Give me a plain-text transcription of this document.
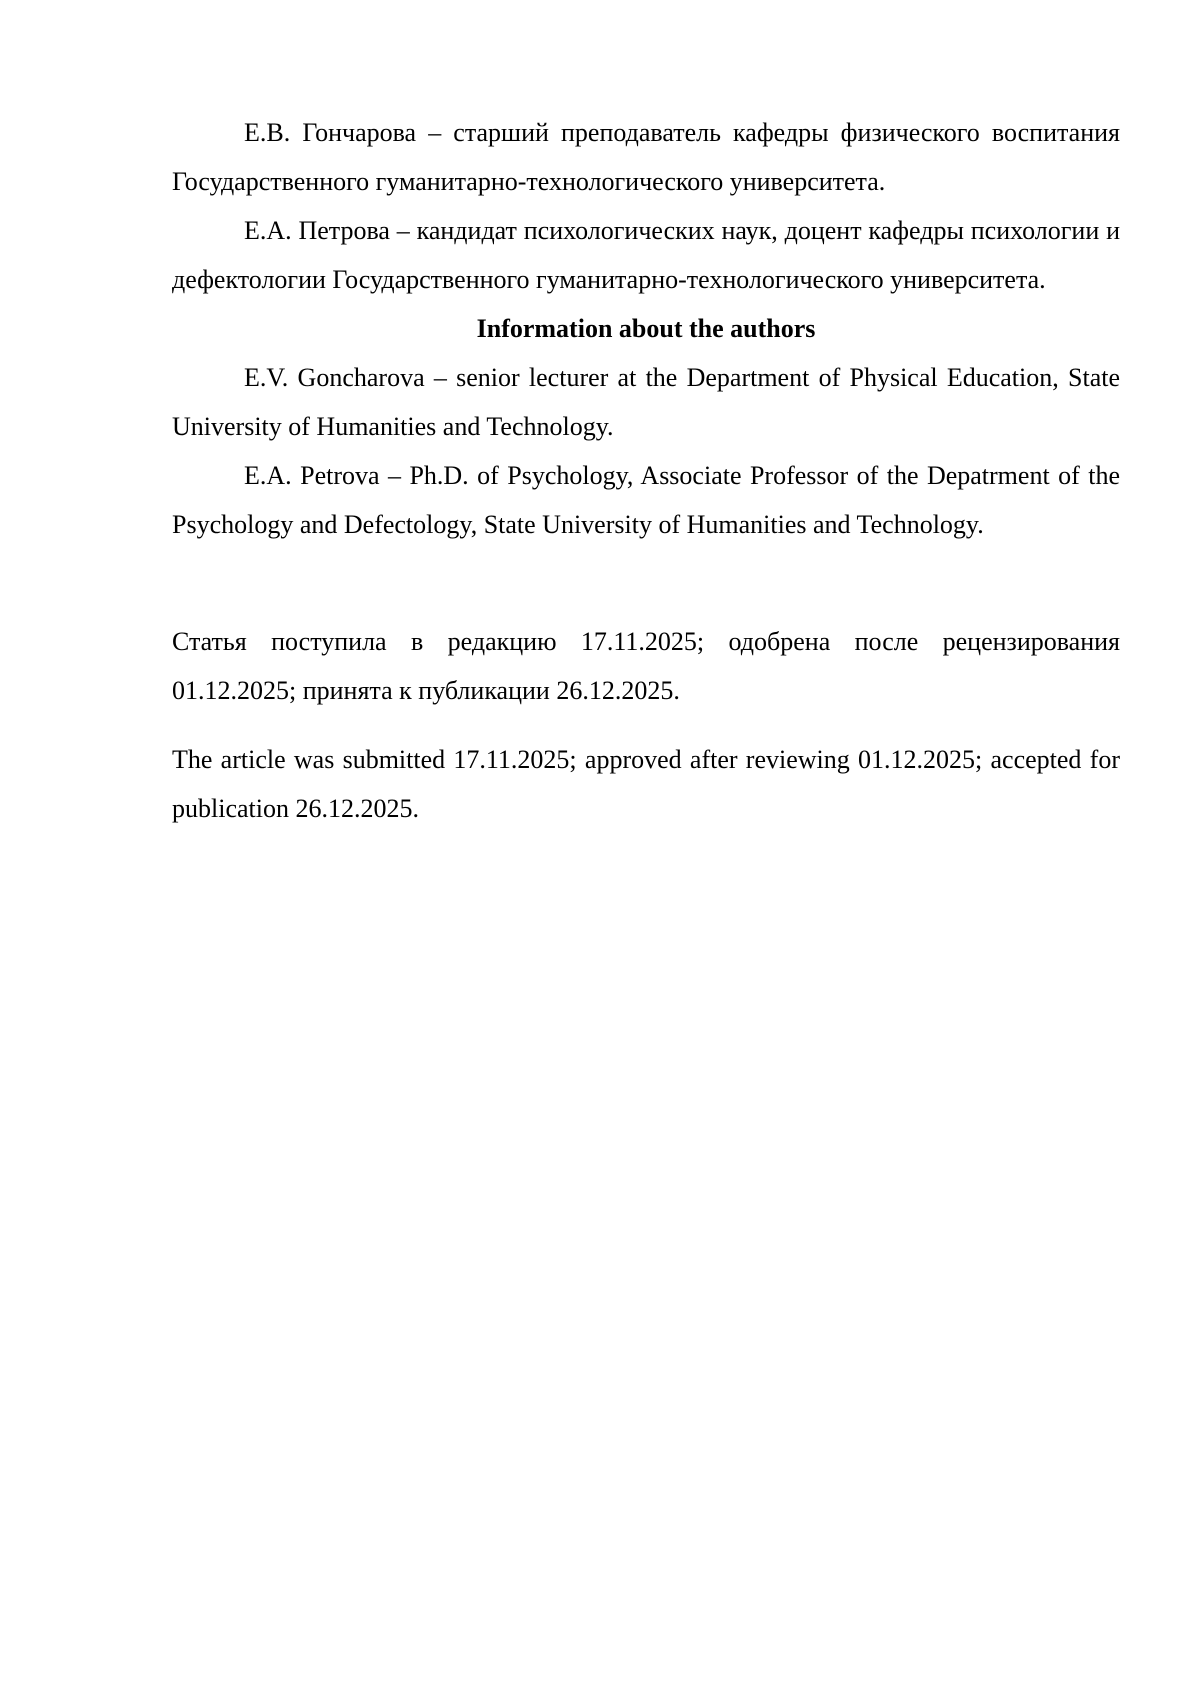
Е.В. Гончарова – старший преподаватель кафедры физического воспитания Государственного гуманитарно-технологического университета.

Е.А. Петрова – кандидат психологических наук, доцент кафедры психологии и дефектологии Государственного гуманитарно-технологического университета.

Information about the authors

E.V. Goncharova – senior lecturer at the Department of Physical Education, State University of Humanities and Technology.

E.A. Petrova – Ph.D. of Psychology, Associate Professor of the Depatrment of the Psychology and Defectology, State University of Humanities and Technology.

Статья поступила в редакцию 17.11.2025; одобрена после рецензирования 01.12.2025; принята к публикации 26.12.2025.

The article was submitted 17.11.2025; approved after reviewing 01.12.2025; accepted for publication 26.12.2025.
